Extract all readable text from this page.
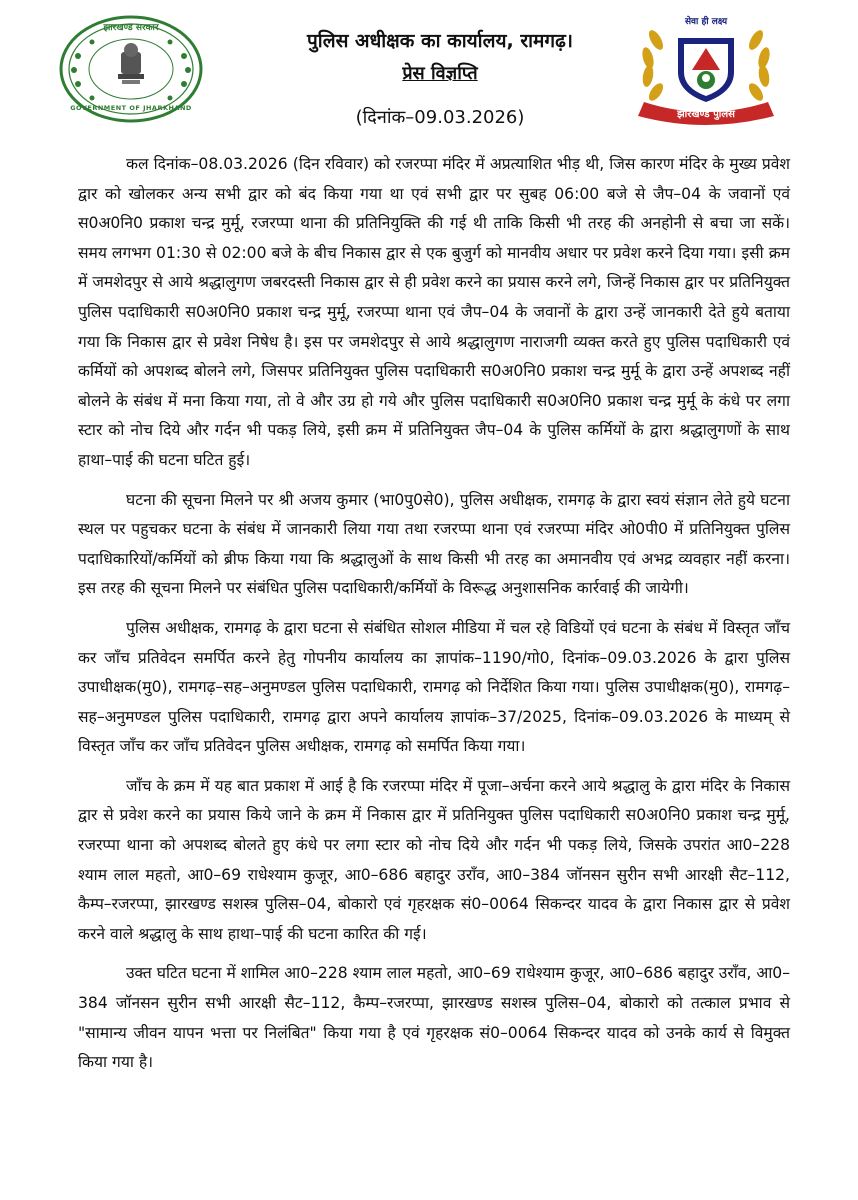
झारखण्ड सरकार
GOVERNMENT OF JHARKHAND

पुलिस अधीक्षक का कार्यालय, रामगढ़।

प्रेस विज्ञप्ति

(दिनांक–09.03.2026)

सेवा ही लक्ष्य
झारखण्ड पुलिस

कल दिनांक–08.03.2026 (दिन रविवार) को रजरप्पा मंदिर में अप्रत्याशित भीड़ थी, जिस कारण मंदिर के मुख्य प्रवेश द्वार को खोलकर अन्य सभी द्वार को बंद किया गया था एवं सभी द्वार पर सुबह 06:00 बजे से जैप–04 के जवानों एवं स0अ0नि0 प्रकाश चन्द्र मुर्मू, रजरप्पा थाना की प्रतिनियुक्ति की गई थी ताकि किसी भी तरह की अनहोनी से बचा जा सकें। समय लगभग 01:30 से 02:00 बजे के बीच निकास द्वार से एक बुजुर्ग को मानवीय अधार पर प्रवेश करने दिया गया। इसी क्रम में जमशेदपुर से आये श्रद्धालुगण जबरदस्ती निकास द्वार से ही प्रवेश करने का प्रयास करने लगे, जिन्हें निकास द्वार पर प्रतिनियुक्त पुलिस पदाधिकारी स0अ0नि0 प्रकाश चन्द्र मुर्मू, रजरप्पा थाना एवं जैप–04 के जवानों के द्वारा उन्हें जानकारी देते हुये बताया गया कि निकास द्वार से प्रवेश निषेध है। इस पर जमशेदपुर से आये श्रद्धालुगण नाराजगी व्यक्त करते हुए पुलिस पदाधिकारी एवं कर्मियों को अपशब्द बोलने लगे, जिसपर प्रतिनियुक्त पुलिस पदाधिकारी स0अ0नि0 प्रकाश चन्द्र मुर्मू के द्वारा उन्हें अपशब्द नहीं बोलने के संबंध में मना किया गया, तो वे और उग्र हो गये और पुलिस पदाधिकारी स0अ0नि0 प्रकाश चन्द्र मुर्मू के कंधे पर लगा स्टार को नोच दिये और गर्दन भी पकड़ लिये, इसी क्रम में प्रतिनियुक्त जैप–04 के पुलिस कर्मियों के द्वारा श्रद्धालुगणों के साथ हाथा–पाई की घटना घटित हुई।

घटना की सूचना मिलने पर श्री अजय कुमार (भा0पु0से0), पुलिस अधीक्षक, रामगढ़ के द्वारा स्वयं संज्ञान लेते हुये घटना स्थल पर पहुचकर घटना के संबंध में जानकारी लिया गया तथा रजरप्पा थाना एवं रजरप्पा मंदिर ओ0पी0 में प्रतिनियुक्त पुलिस पदाधिकारियों/कर्मियों को ब्रीफ किया गया कि श्रद्धालुओं के साथ किसी भी तरह का अमानवीय एवं अभद्र व्यवहार नहीं करना। इस तरह की सूचना मिलने पर संबंधित पुलिस पदाधिकारी/कर्मियों के विरूद्ध अनुशासनिक कार्रवाई की जायेगी।

पुलिस अधीक्षक, रामगढ़ के द्वारा घटना से संबंधित सोशल मीडिया में चल रहे विडियों एवं घटना के संबंध में विस्तृत जाँच कर जाँच प्रतिवेदन समर्पित करने हेतु गोपनीय कार्यालय का ज्ञापांक–1190/गो0, दिनांक–09.03.2026 के द्वारा पुलिस उपाधीक्षक(मु0), रामगढ़–सह–अनुमण्डल पुलिस पदाधिकारी, रामगढ़ को निर्देशित किया गया। पुलिस उपाधीक्षक(मु0), रामगढ़–सह–अनुमण्डल पुलिस पदाधिकारी, रामगढ़ द्वारा अपने कार्यालय ज्ञापांक–37/2025, दिनांक–09.03.2026 के माध्यम् से विस्तृत जाँच कर जाँच प्रतिवेदन पुलिस अधीक्षक, रामगढ़ को समर्पित किया गया।

जाँच के क्रम में यह बात प्रकाश में आई है कि रजरप्पा मंदिर में पूजा–अर्चना करने आये श्रद्धालु के द्वारा मंदिर के निकास द्वार से प्रवेश करने का प्रयास किये जाने के क्रम में निकास द्वार में प्रतिनियुक्त पुलिस पदाधिकारी स0अ0नि0 प्रकाश चन्द्र मुर्मू, रजरप्पा थाना को अपशब्द बोलते हुए कंधे पर लगा स्टार को नोच दिये और गर्दन भी पकड़ लिये, जिसके उपरांत आ0–228 श्याम लाल महतो, आ0–69 राधेश्याम कुजूर, आ0–686 बहादुर उराँव, आ0–384 जॉनसन सुरीन सभी आरक्षी सैट–112, कैम्प–रजरप्पा, झारखण्ड सशस्त्र पुलिस–04, बोकारो एवं गृहरक्षक सं0–0064 सिकन्दर यादव के द्वारा निकास द्वार से प्रवेश करने वाले श्रद्धालु के साथ हाथा–पाई की घटना कारित की गई।

उक्त घटित घटना में शामिल आ0–228 श्याम लाल महतो, आ0–69 राधेश्याम कुजूर, आ0–686 बहादुर उराँव, आ0–384 जॉनसन सुरीन सभी आरक्षी सैट–112, कैम्प–रजरप्पा, झारखण्ड सशस्त्र पुलिस–04, बोकारो को तत्काल प्रभाव से "सामान्य जीवन यापन भत्ता पर निलंबित" किया गया है एवं गृहरक्षक सं0–0064 सिकन्दर यादव को उनके कार्य से विमुक्त किया गया है।
